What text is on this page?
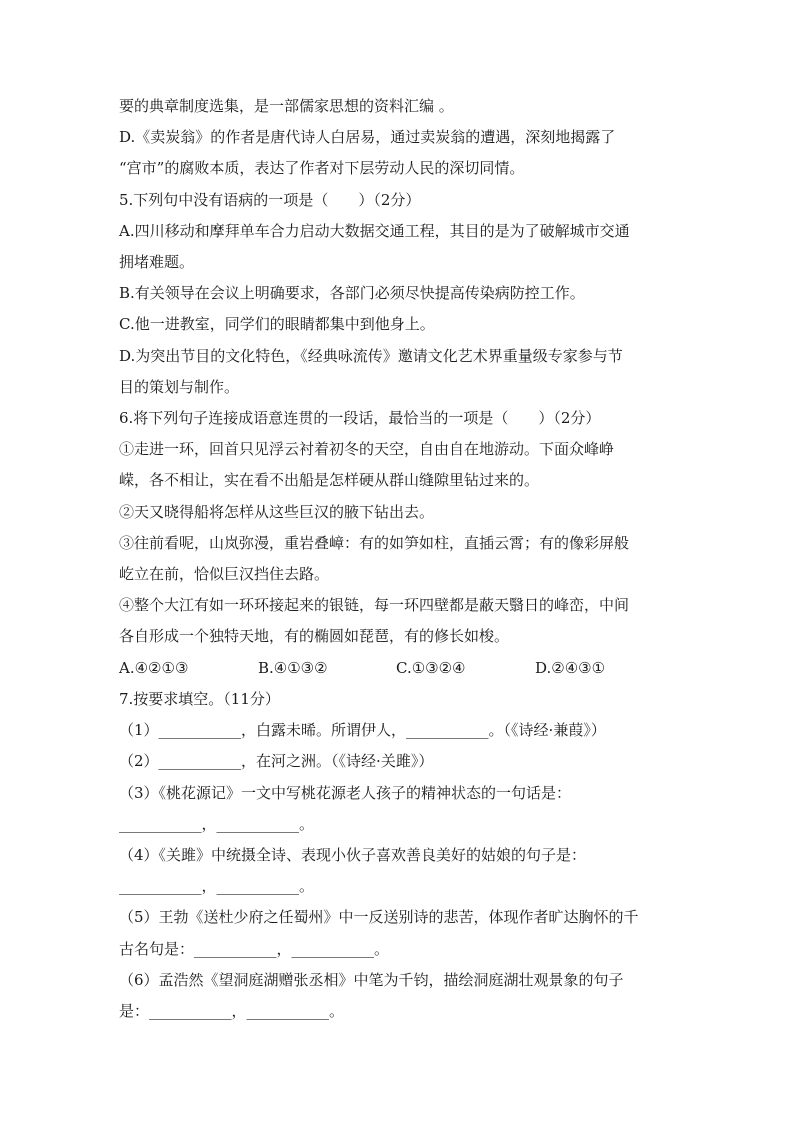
要的典章制度选集，是一部儒家思想的资料汇编 。
D.《卖炭翁》的作者是唐代诗人白居易，通过卖炭翁的遭遇，深刻地揭露了
“宫市”的腐败本质，表达了作者对下层劳动人民的深切同情。
5.下列句中没有语病的一项是（　　）（2分）
A.四川移动和摩拜单车合力启动大数据交通工程，其目的是为了破解城市交通
拥堵难题。
B.有关领导在会议上明确要求，各部门必须尽快提高传染病防控工作。
C.他一进教室，同学们的眼睛都集中到他身上。
D.为突出节目的文化特色，《经典咏流传》邀请文化艺术界重量级专家参与节
目的策划与制作。
6.将下列句子连接成语意连贯的一段话，最恰当的一项是（　　）（2分）
①走进一环，回首只见浮云衬着初冬的天空，自由自在地游动。下面众峰峥
嵘，各不相让，实在看不出船是怎样硬从群山缝隙里钻过来的。
②天又晓得船将怎样从这些巨汉的腋下钻出去。
③往前看呢，山岚弥漫，重岩叠嶂：有的如笋如柱，直插云霄；有的像彩屏般
屹立在前，恰似巨汉挡住去路。
④整个大江有如一环环接起来的银链，每一环四壁都是蔽天翳日的峰峦，中间
各自形成一个独特天地，有的椭圆如琵琶，有的修长如梭。
A.④②①③	B.④①③②	C.①③②④	D.②④③①
7.按要求填空。（11分）
（1）___________，白露未晞。所谓伊人，___________。（《诗经·兼葭》）
（2）___________，在河之洲。（《诗经·关雎》）
（3）《桃花源记》一文中写桃花源老人孩子的精神状态的一句话是：
___________，___________。
（4）《关雎》中统摄全诗、表现小伙子喜欢善良美好的姑娘的句子是：
___________，___________。
（5）王勃《送杜少府之任蜀州》中一反送别诗的悲苦，体现作者旷达胸怀的千
古名句是：___________，___________。
（6）孟浩然《望洞庭湖赠张丞相》中笔为千钧，描绘洞庭湖壮观景象的句子
是：___________，___________。
